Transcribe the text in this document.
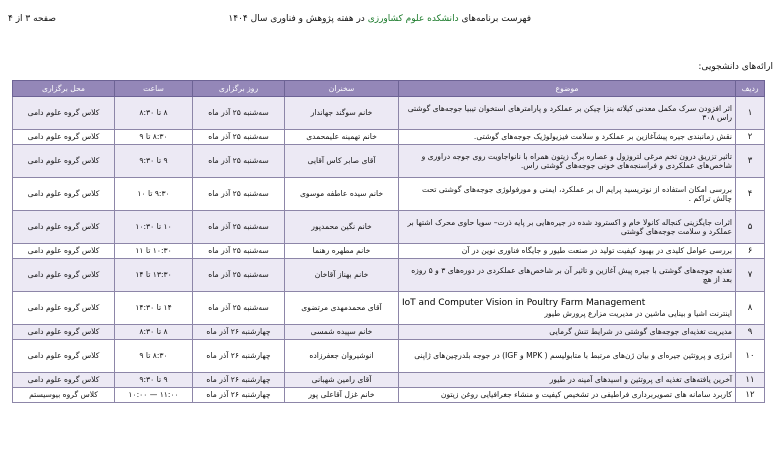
صفحه ۳ از ۴	فهرست برنامه‌های دانشکده علوم کشاورزی در هفته پژوهش و فناوری سال ۱۴۰۴
ارائه‌های دانشجویی:
ردیف	موضوع	سخنران	روز برگزاری	ساعت	محل برگزاری
۱	اثر افزودن سرک مکمل معدنی کیلاته بنزا چیکن بر عملکرد و پارامترهای استخوان تیبیا جوجه‌های گوشتی راس ۳۰۸	خانم سوگند جهاندار	سه‌شنبه ۲۵ آذر ماه	۸ تا ۸:۳۰	کلاس گروه علوم دامی
۲	نقش زمانبندی جیره پیشآغازین بر عملکرد و سلامت فیزیولوژیک جوجه‌های گوشتی.	خانم تهمینه علیمحمدی	سه‌شنبه ۲۵ آذر ماه	۸:۳۰ تا ۹	کلاس گروه علوم دامی
۳	تاثیر تزریق درون تخم مرغی لتروزول و عصاره برگ زیتون همراه با نانواجاویت روی جوجه دراوری و شاخص‌های عملکردی و فراسنجه‌های خونی جوجه‌های گوشتی راس.	آقای صابر کاس آقایی	سه‌شنبه ۲۵ آذر ماه	۹ تا ۹:۳۰	کلاس گروه علوم دامی
۴	بررسی امکان استفاده از نوتریسید پرایم ال بر عملکرد، ایمنی و مورفولوژی جوجه‌های گوشتی تحت چالش تراکم .	خانم سیده عاطفه موسوی	سه‌شنبه ۲۵ آذر ماه	۹:۳۰ تا ۱۰	کلاس گروه علوم دامی
۵	اثرات جایگزینی کنجاله کانولا خام و اکسترود شده در جیره‌هایی بر پایه ذرت– سویا حاوی محرک اشتها بر عملکرد و سلامت جوجه‌های گوشتی	خانم نگین محمدپور	سه‌شنبه ۲۵ آذر ماه	۱۰ تا ۱۰:۳۰	کلاس گروه علوم دامی
۶	بررسی عوامل کلیدی در بهبود کیفیت تولید در صنعت طیور و جایگاه فناوری نوین در آن	خانم مطهره رهنما	سه‌شنبه ۲۵ آذر ماه	۱۰:۳۰ تا ۱۱	کلاس گروه علوم دامی
۷	تغذیه جوجه‌های گوشتی با جیره پیش آغازین و تاثیر آن بر شاخص‌های عملکردی در دوره‌های ۳ و ۵ روزه بعد از هچ	خانم بهناز آقاخان	سه‌شنبه ۲۵ آذر ماه	۱۳:۳۰ تا ۱۴	کلاس گروه علوم دامی
۸	IoT and Computer Vision in Poultry Farm Management
اینترنت اشیا و بینایی ماشین در مدیریت مزارع پرورش طیور	آقای محمدمهدی مرتضوی	سه‌شنبه ۲۵ آذر ماه	۱۴ تا ۱۴:۳۰	کلاس گروه علوم دامی
۹	مدیریت تغذیه‌ای جوجه‌های گوشتی در شرایط تنش گرمایی	خانم سپیده شمسی	چهارشنبه ۲۶ آذر ماه	۸ تا ۸:۳۰	کلاس گروه علوم دامی
۱۰	انرژی و پروتئین جیره‌ای و بیان ژن‌های مرتبط با متابولیسم ( MPK و IGF) در جوجه بلدرچین‌های ژاپنی	انوشیروان جعفرزاده	چهارشنبه ۲۶ آذر ماه	۸:۳۰ تا ۹	کلاس گروه علوم دامی
۱۱	آخرین یافته‌های تغذیه ای پروتئین و اسیدهای آمینه در طیور	آقای رامین شهبانی	چهارشنبه ۲۶ آذر ماه	۹ تا ۹:۳۰	کلاس گروه علوم دامی
۱۲	کاربرد سامانه های تصویربرداری فراطیفی در تشخیص کیفیت و منشاء جغرافیایی روغن زیتون	خانم غزل آقاعلی پور	چهارشنبه ۲۶ آذر ماه	۱۱:۰۰ — ۱۰:۰۰	کلاس گروه بیوسیستم
